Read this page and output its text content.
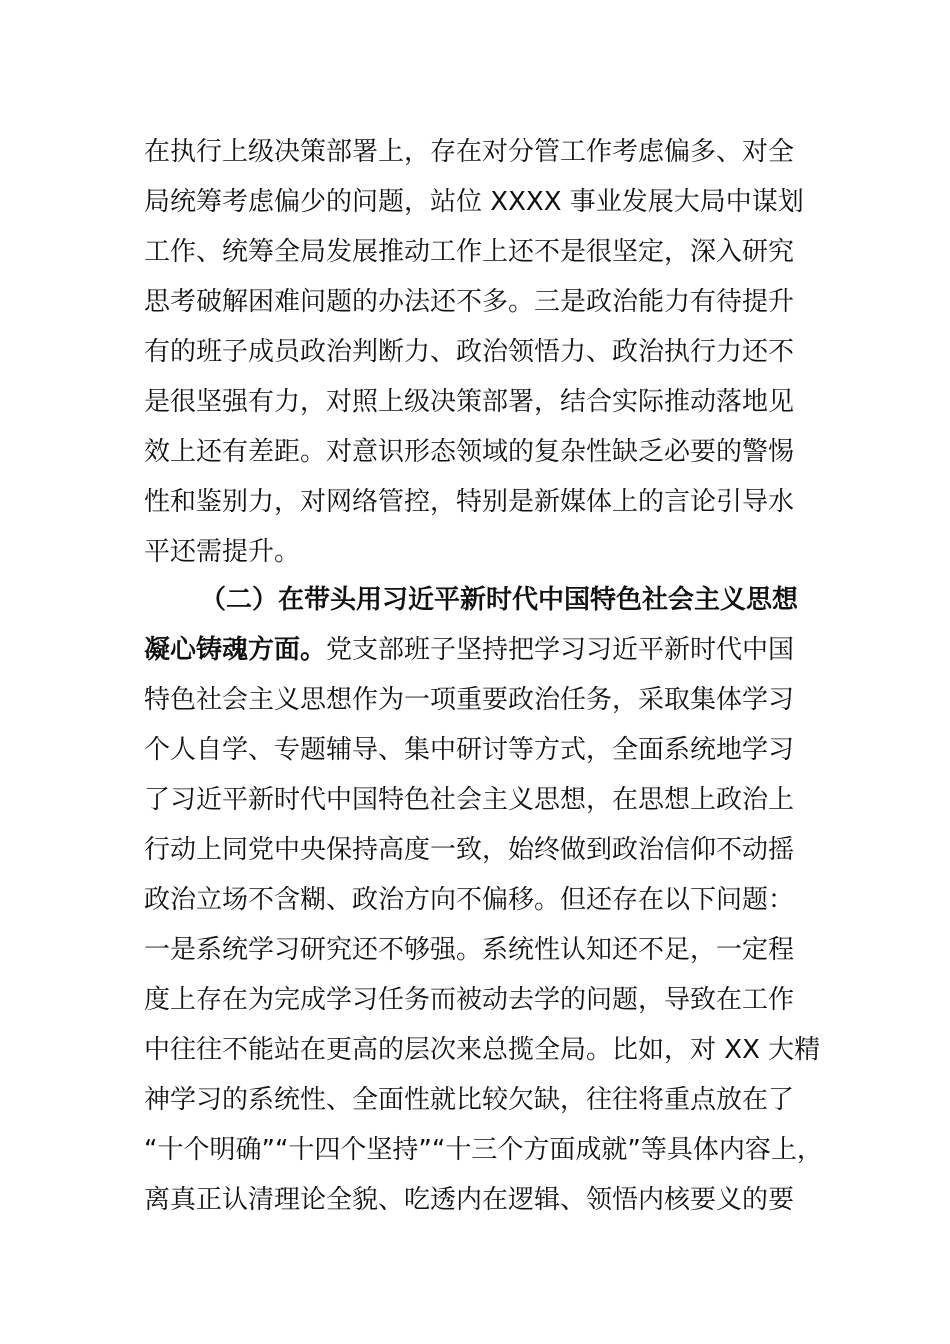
在执行上级决策部署上，存在对分管工作考虑偏多、对全
局统筹考虑偏少的问题，站位 XXXX 事业发展大局中谋划
工作、统筹全局发展推动工作上还不是很坚定，深入研究
思考破解困难问题的办法还不多。三是政治能力有待提升
有的班子成员政治判断力、政治领悟力、政治执行力还不
是很坚强有力，对照上级决策部署，结合实际推动落地见
效上还有差距。对意识形态领域的复杂性缺乏必要的警惕
性和鉴别力，对网络管控，特别是新媒体上的言论引导水
平还需提升。
（二）在带头用习近平新时代中国特色社会主义思想
凝心铸魂方面。党支部班子坚持把学习习近平新时代中国
特色社会主义思想作为一项重要政治任务，采取集体学习
个人自学、专题辅导、集中研讨等方式，全面系统地学习
了习近平新时代中国特色社会主义思想，在思想上政治上
行动上同党中央保持高度一致，始终做到政治信仰不动摇
政治立场不含糊、政治方向不偏移。但还存在以下问题：
一是系统学习研究还不够强。系统性认知还不足，一定程
度上存在为完成学习任务而被动去学的问题，导致在工作
中往往不能站在更高的层次来总揽全局。比如，对 XX 大精
神学习的系统性、全面性就比较欠缺，往往将重点放在了
“十个明确”“十四个坚持”“十三个方面成就”等具体内容上，
离真正认清理论全貌、吃透内在逻辑、领悟内核要义的要
